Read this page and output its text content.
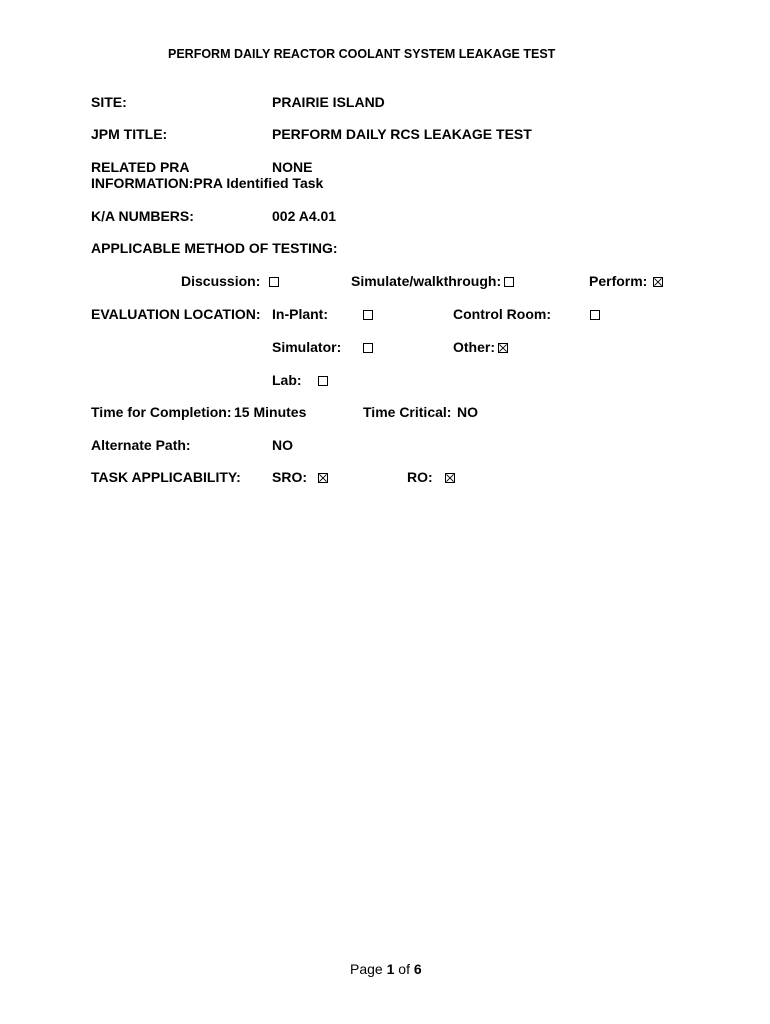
PERFORM DAILY REACTOR COOLANT SYSTEM LEAKAGE TEST
SITE:	PRAIRIE ISLAND
JPM TITLE:	PERFORM DAILY RCS LEAKAGE TEST
RELATED PRA	NONE
INFORMATION:PRA Identified Task
K/A NUMBERS:	002 A4.01
APPLICABLE METHOD OF TESTING:
Discussion:	Simulate/walkthrough:	Perform:
EVALUATION LOCATION: In-Plant:	Control Room:
Simulator:	Other:
Lab:
Time for Completion: 15 Minutes	Time Critical: NO
Alternate Path:	NO
TASK APPLICABILITY: SRO:	RO:
Page 1 of 6
